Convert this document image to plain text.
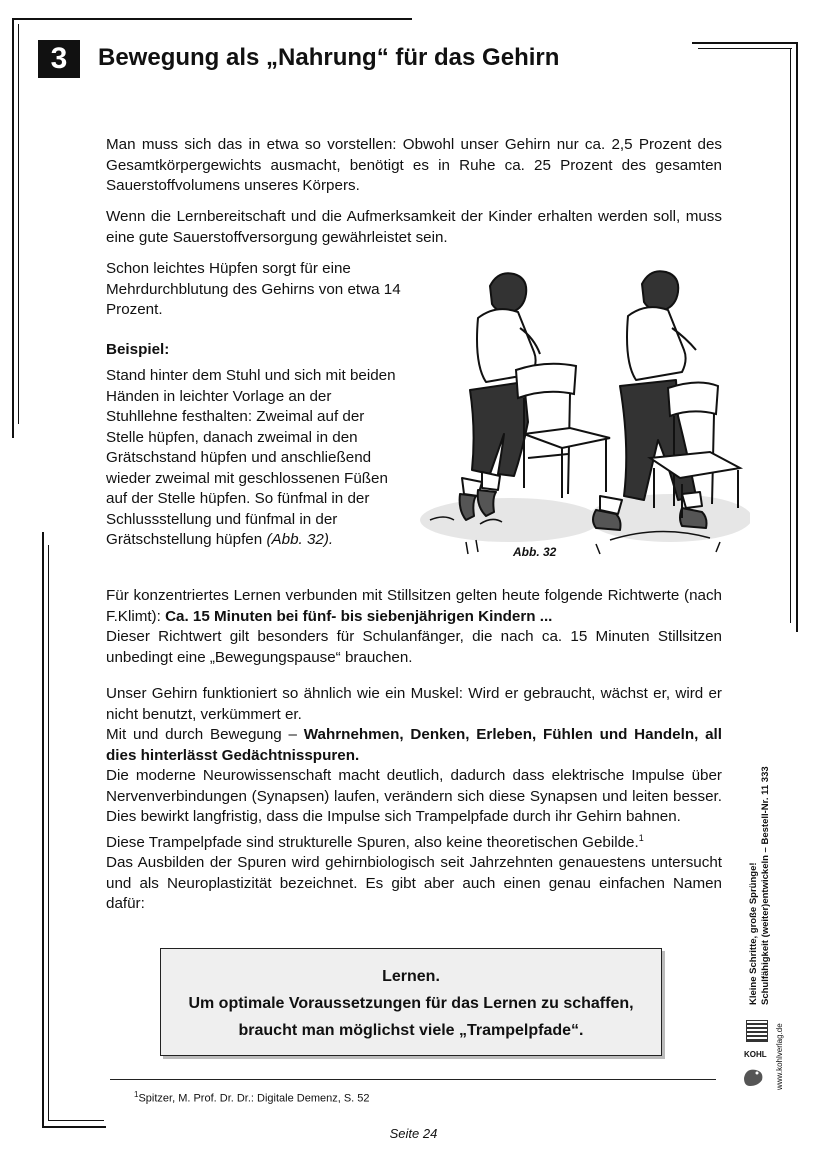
3	Bewegung als „Nahrung“ für das Gehirn

Man muss sich das in etwa so vorstellen: Obwohl unser Gehirn nur ca. 2,5 Prozent des Gesamtkörpergewichts ausmacht, benötigt es in Ruhe ca. 25 Prozent des gesamten Sauerstoffvolumens unseres Körpers.

Wenn die Lernbereitschaft und die Aufmerksamkeit der Kinder erhalten werden soll, muss eine gute Sauerstoffversorgung gewährleistet sein.

Schon leichtes Hüpfen sorgt für eine Mehrdurchblutung des Gehirns von etwa 14 Prozent.

Beispiel:

Stand hinter dem Stuhl und sich mit beiden Händen in leichter Vorlage an der Stuhllehne festhalten: Zweimal auf der Stelle hüpfen, danach zweimal in den Grätschstand hüpfen und anschließend wieder zweimal mit geschlossenen Füßen auf der Stelle hüpfen. So fünfmal in der Schlussstellung und fünfmal in der Grätschstellung hüpfen (Abb. 32).

Abb. 32

Für konzentriertes Lernen verbunden mit Stillsitzen gelten heute folgende Richtwerte (nach F.Klimt): Ca. 15 Minuten bei fünf- bis siebenjährigen Kindern ...

Dieser Richtwert gilt besonders für Schulanfänger, die nach ca. 15 Minuten Stillsitzen unbedingt eine „Bewegungspause“ brauchen.

Unser Gehirn funktioniert so ähnlich wie ein Muskel: Wird er gebraucht, wächst er, wird er nicht benutzt, verkümmert er.

Mit und durch Bewegung – Wahrnehmen, Denken, Erleben, Fühlen und Handeln, all dies hinterlässt Gedächtnisspuren.

Die moderne Neurowissenschaft macht deutlich, dadurch dass elektrische Impulse über Nervenverbindungen (Synapsen) laufen, verändern sich diese Synapsen und leiten besser. Dies bewirkt langfristig, dass die Impulse sich Trampelpfade durch ihr Gehirn bahnen.

Diese Trampelpfade sind strukturelle Spuren, also keine theoretischen Gebilde.$^1$

Das Ausbilden der Spuren wird gehirnbiologisch seit Jahrzehnten genauestens untersucht und als Neuroplastizität bezeichnet. Es gibt aber auch einen genau einfachen Namen dafür:

Lernen.
Um optimale Voraussetzungen für das Lernen zu schaffen,
braucht man möglichst viele „Trampelpfade“.
$^1$Spitzer, M. Prof. Dr. Dr.: Digitale Demenz, S. 52
Kleine Schritte, große Sprünge! Schulfähigkeit (weiter)entwickeln – Bestell-Nr. 11 333
www.kohlverlag.de
KOHL
Seite 24
